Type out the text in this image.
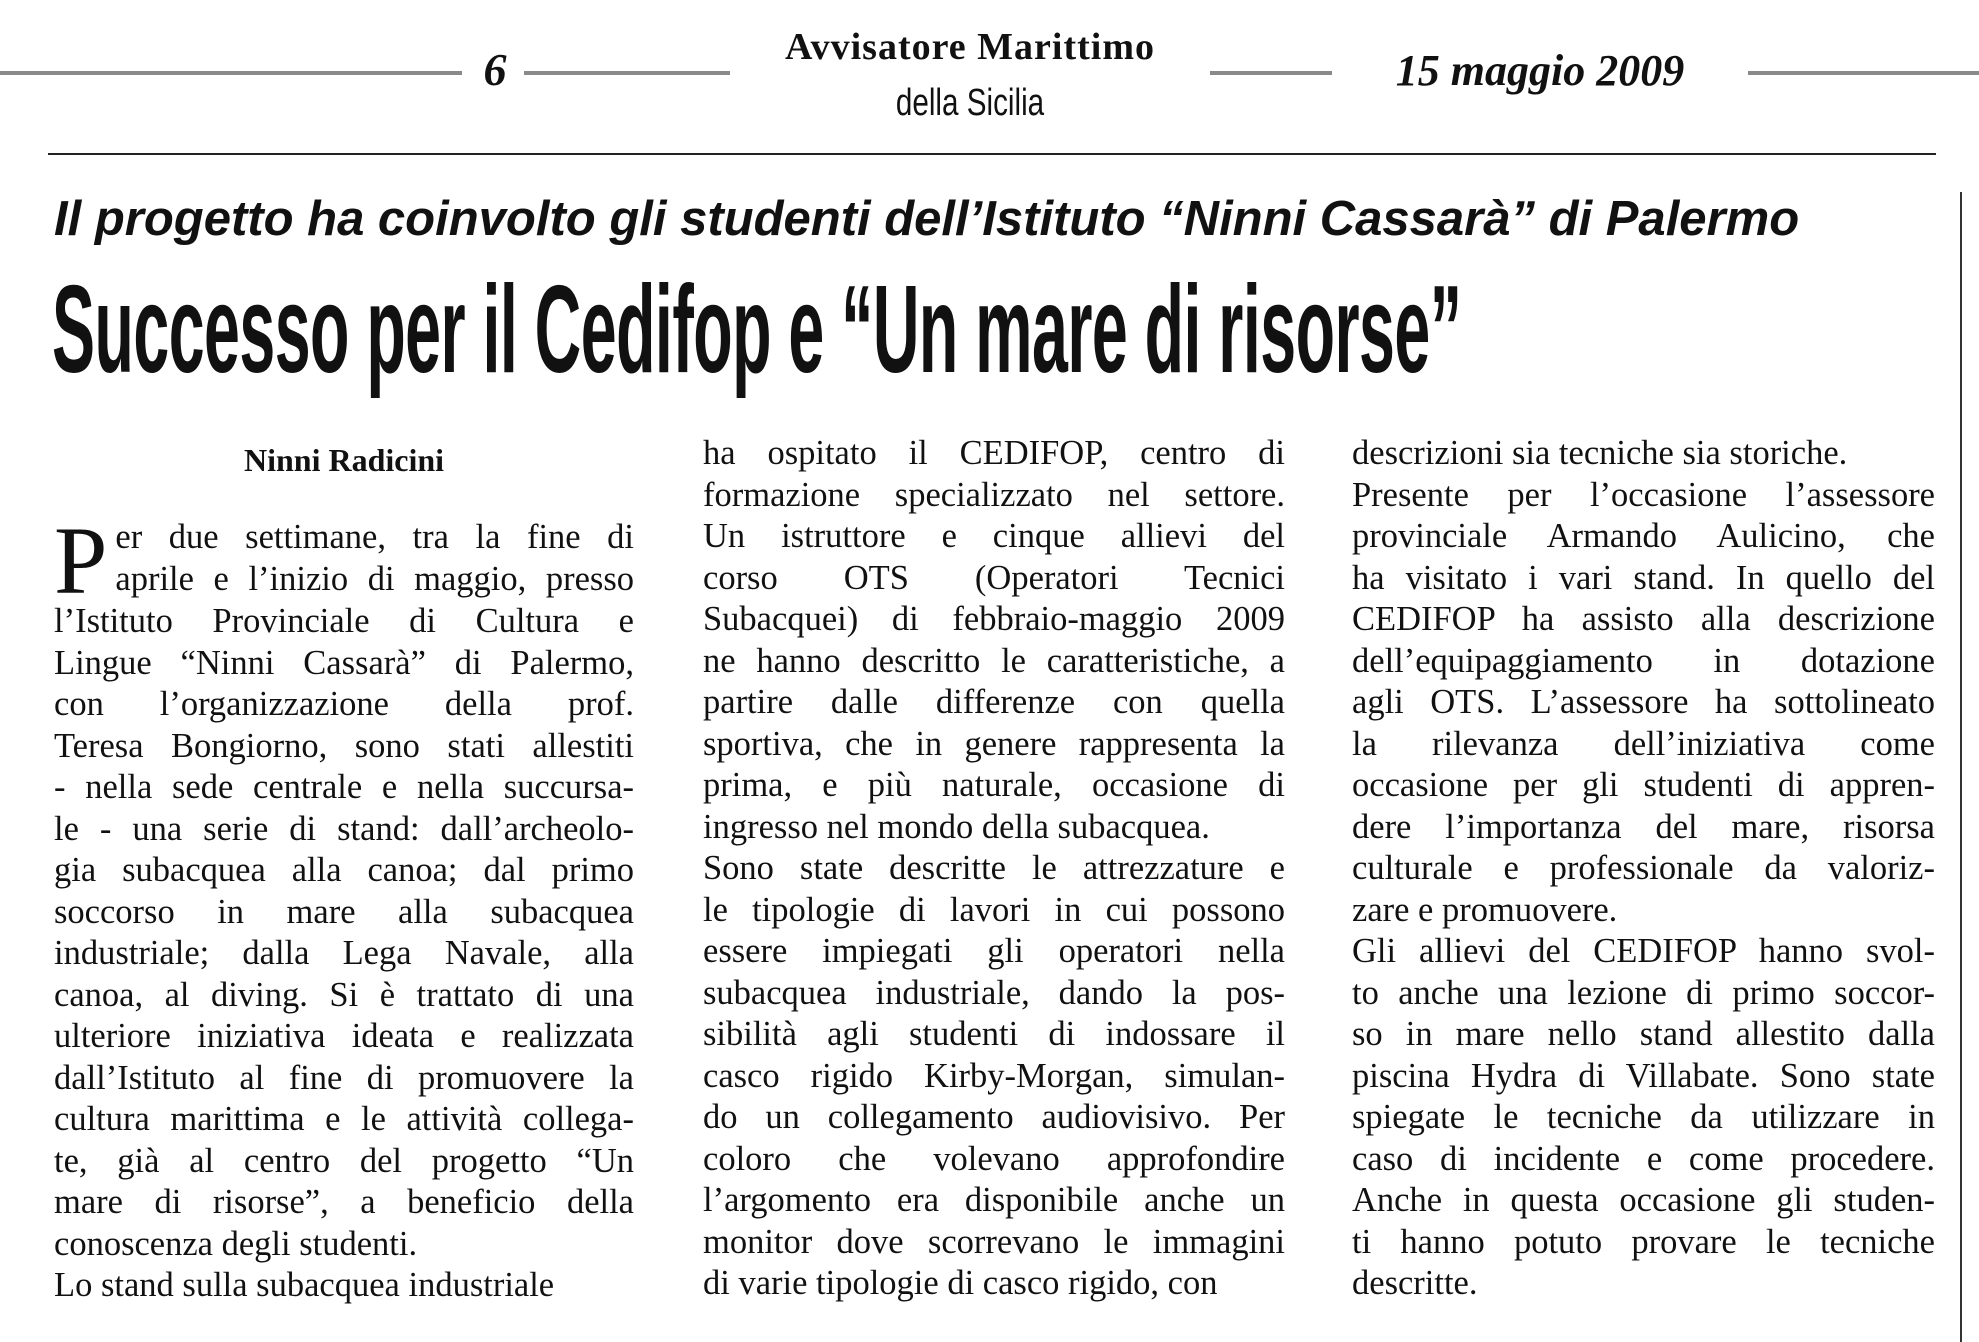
6	Avvisatore Marittimo
della Sicilia
15 maggio 2009
Il progetto ha coinvolto gli studenti dell’Istituto “Ninni Cassarà” di Palermo
Successo per il Cedifop e “Un mare di risorse”
Ninni Radicini
P er due settimane, tra la fine di
aprile e l’inizio di maggio, presso
l’Istituto Provinciale di Cultura e
Lingue “Ninni Cassarà” di Palermo,
con l’organizzazione della prof.
Teresa Bongiorno, sono stati allestiti
- nella sede centrale e nella succursa-
le - una serie di stand: dall’archeolo-
gia subacquea alla canoa; dal primo
soccorso in mare alla subacquea
industriale; dalla Lega Navale, alla
canoa, al diving. Si è trattato di una
ulteriore iniziativa ideata e realizzata
dall’Istituto al fine di promuovere la
cultura marittima e le attività collega-
te, già al centro del progetto “Un
mare di risorse”, a beneficio della
conoscenza degli studenti.
Lo stand sulla subacquea industriale
ha ospitato il CEDIFOP, centro di
formazione specializzato nel settore.
Un istruttore e cinque allievi del
corso OTS (Operatori Tecnici
Subacquei) di febbraio-maggio 2009
ne hanno descritto le caratteristiche, a
partire dalle differenze con quella
sportiva, che in genere rappresenta la
prima, e più naturale, occasione di
ingresso nel mondo della subacquea.
Sono state descritte le attrezzature e
le tipologie di lavori in cui possono
essere impiegati gli operatori nella
subacquea industriale, dando la pos-
sibilità agli studenti di indossare il
casco rigido Kirby-Morgan, simulan-
do un collegamento audiovisivo. Per
coloro che volevano approfondire
l’argomento era disponibile anche un
monitor dove scorrevano le immagini
di varie tipologie di casco rigido, con
descrizioni sia tecniche sia storiche.
Presente per l’occasione l’assessore
provinciale Armando Aulicino, che
ha visitato i vari stand. In quello del
CEDIFOP ha assisto alla descrizione
dell’equipaggiamento in dotazione
agli OTS. L’assessore ha sottolineato
la rilevanza dell’iniziativa come
occasione per gli studenti di appren-
dere l’importanza del mare, risorsa
culturale e professionale da valoriz-
zare e promuovere.
Gli allievi del CEDIFOP hanno svol-
to anche una lezione di primo soccor-
so in mare nello stand allestito dalla
piscina Hydra di Villabate. Sono state
spiegate le tecniche da utilizzare in
caso di incidente e come procedere.
Anche in questa occasione gli studen-
ti hanno potuto provare le tecniche
descritte.
